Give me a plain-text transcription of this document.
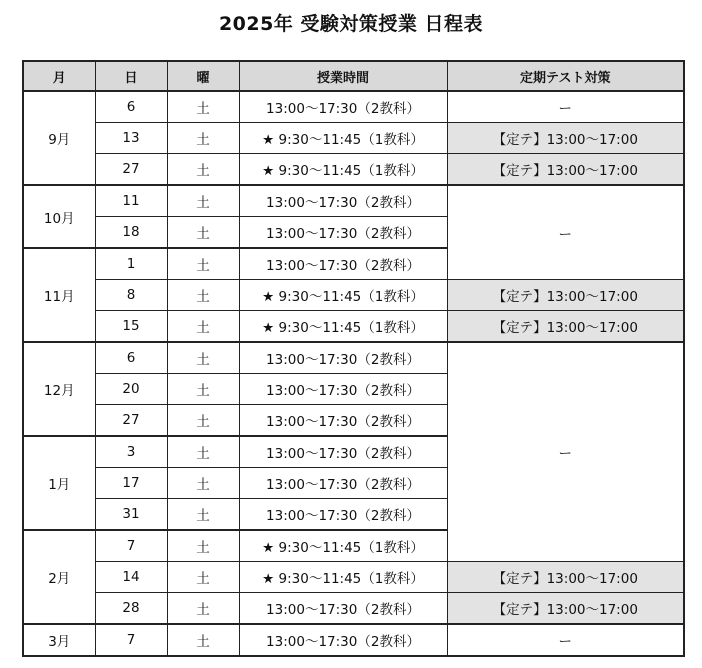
2025年 受験対策授業 日程表
月	日	曜	授業時間	定期テスト対策
9月	6	土	13:00〜17:30（2教科）	ー
	13	土	★ 9:30〜11:45（1教科）	【定テ】13:00〜17:00
	27	土	★ 9:30〜11:45（1教科）	【定テ】13:00〜17:00
10月	11	土	13:00〜17:30（2教科）	ー
	18	土	13:00〜17:30（2教科）	
11月	1	土	13:00〜17:30（2教科）	
	8	土	★ 9:30〜11:45（1教科）	【定テ】13:00〜17:00
	15	土	★ 9:30〜11:45（1教科）	【定テ】13:00〜17:00
12月	6	土	13:00〜17:30（2教科）	ー
	20	土	13:00〜17:30（2教科）	
	27	土	13:00〜17:30（2教科）	
1月	3	土	13:00〜17:30（2教科）	
	17	土	13:00〜17:30（2教科）	
	31	土	13:00〜17:30（2教科）	
2月	7	土	★ 9:30〜11:45（1教科）	
	14	土	★ 9:30〜11:45（1教科）	【定テ】13:00〜17:00
	28	土	13:00〜17:30（2教科）	【定テ】13:00〜17:00
3月	7	土	13:00〜17:30（2教科）	ー
